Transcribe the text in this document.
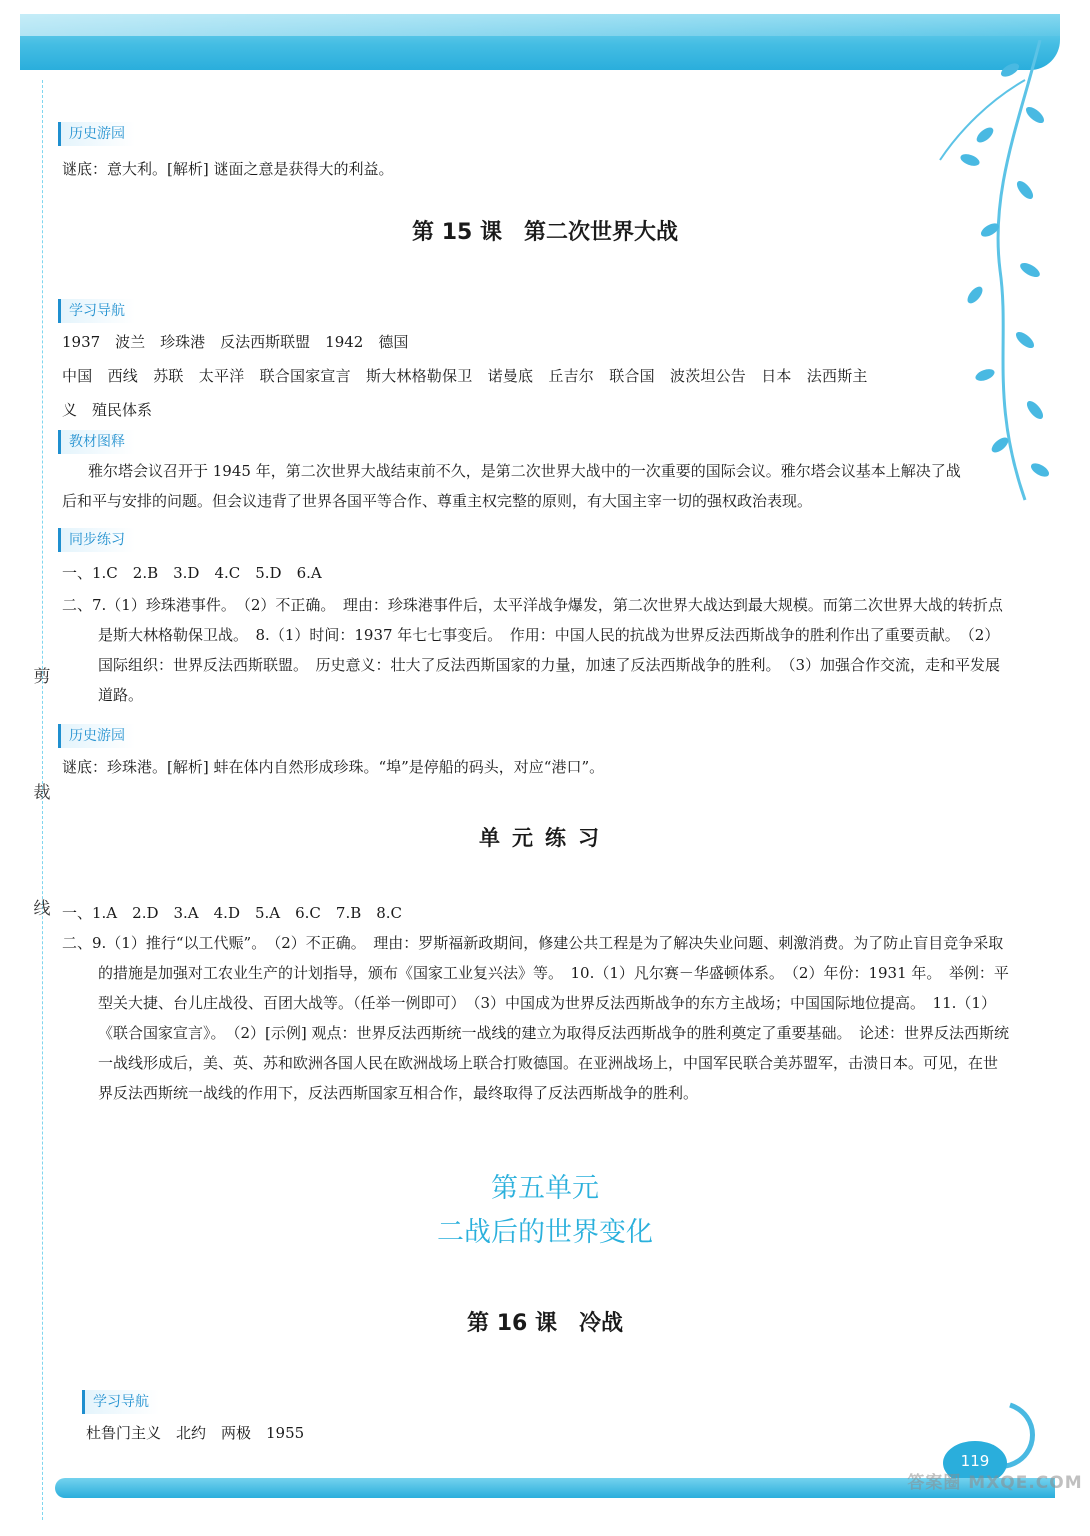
剪
裁
线
历史游园
谜底：意大利。[解析] 谜面之意是获得大的利益。
第 15 课　第二次世界大战
学习导航
1937　波兰　珍珠港　反法西斯联盟　1942　德国
中国　西线　苏联　太平洋　联合国家宣言　斯大林格勒保卫　诺曼底　丘吉尔　联合国　波茨坦公告　日本　法西斯主
义　殖民体系
教材图释
雅尔塔会议召开于 1945 年，第二次世界大战结束前不久，是第二次世界大战中的一次重要的国际会议。雅尔塔会议基本上解决了战后和平与安排的问题。但会议违背了世界各国平等合作、尊重主权完整的原则，有大国主宰一切的强权政治表现。
同步练习
一、1.C　2.B　3.D　4.C　5.D　6.A
二、7.（1）珍珠港事件。　（2）不正确。　理由：珍珠港事件后，太平洋战争爆发，第二次世界大战达到最大规模。而第二次世界大战的转折点是斯大林格勒保卫战。　8.（1）时间：1937 年七七事变后。　作用：中国人民的抗战为世界反法西斯战争的胜利作出了重要贡献。　（2）国际组织：世界反法西斯联盟。　历史意义：壮大了反法西斯国家的力量，加速了反法西斯战争的胜利。　（3）加强合作交流，走和平发展道路。
历史游园
谜底：珍珠港。[解析] 蚌在体内自然形成珍珠。“埠”是停船的码头，对应“港口”。
单元练习
一、1.A　2.D　3.A　4.D　5.A　6.C　7.B　8.C
二、9.（1）推行“以工代赈”。　（2）不正确。　理由：罗斯福新政期间，修建公共工程是为了解决失业问题、刺激消费。为了防止盲目竞争采取的措施是加强对工农业生产的计划指导，颁布《国家工业复兴法》等。　10.（1）凡尔赛－华盛顿体系。　（2）年份：1931 年。　举例：平型关大捷、台儿庄战役、百团大战等。（任举一例即可）　（3）中国成为世界反法西斯战争的东方主战场；中国国际地位提高。　11.（1）《联合国家宣言》。　（2）[示例] 观点：世界反法西斯统一战线的建立为取得反法西斯战争的胜利奠定了重要基础。　论述：世界反法西斯统一战线形成后，美、英、苏和欧洲各国人民在欧洲战场上联合打败德国。在亚洲战场上，中国军民联合美苏盟军，击溃日本。可见，在世界反法西斯统一战线的作用下，反法西斯国家互相合作，最终取得了反法西斯战争的胜利。
第五单元
二战后的世界变化
第 16 课　冷战
学习导航
杜鲁门主义　北约　两极　1955
119
答案圈 MXQE.COM
